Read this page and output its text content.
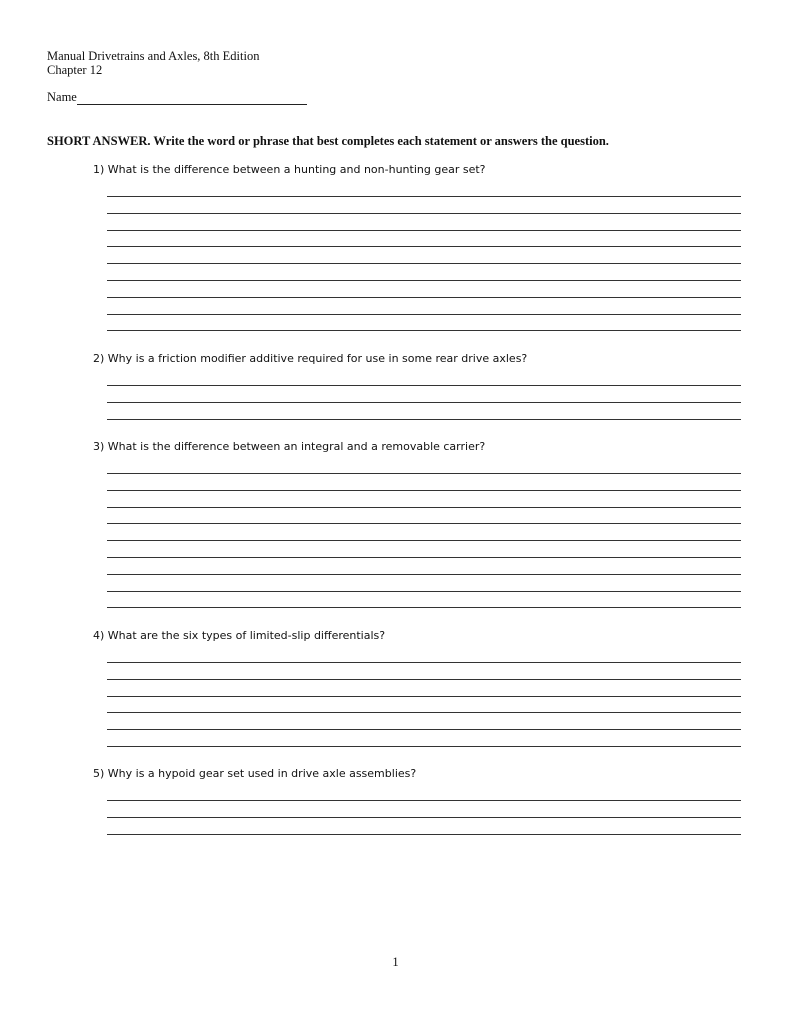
Manual Drivetrains and Axles, 8th Edition
Chapter 12
Name
SHORT ANSWER. Write the word or phrase that best completes each statement or answers the question.
1) What is the difference between a hunting and non-hunting gear set?
2) Why is a friction modifier additive required for use in some rear drive axles?
3) What is the difference between an integral and a removable carrier?
4) What are the six types of limited-slip differentials?
5) Why is a hypoid gear set used in drive axle assemblies?
1
